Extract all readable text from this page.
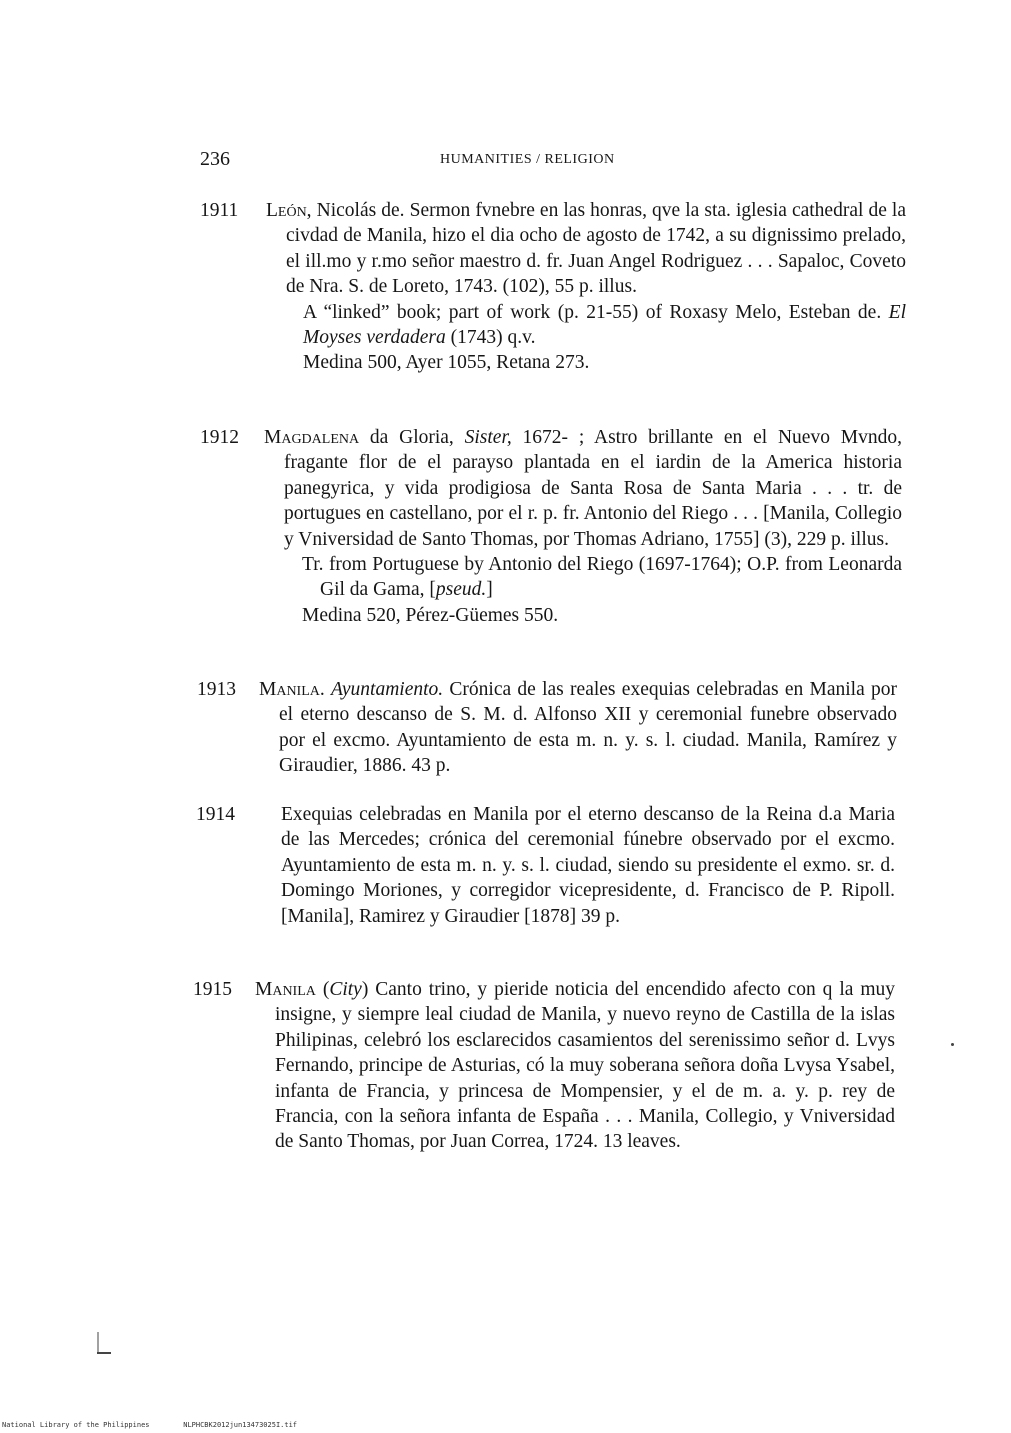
236	HUMANITIES / RELIGION
1911 León, Nicolás de. Sermon fvnebre en las honras, qve la sta. iglesia cathedral de la civdad de Manila, hizo el dia ocho de agosto de 1742, a su dignissimo prelado, el ill.mo y r.mo señor maestro d. fr. Juan Angel Rodriguez . . . Sapaloc, Coveto de Nra. S. de Loreto, 1743. (102), 55 p. illus.
A “linked” book; part of work (p. 21-55) of Roxasy Melo, Esteban de. El Moyses verdadera (1743) q.v.
Medina 500, Ayer 1055, Retana 273.
1912 Magdalena da Gloria, Sister, 1672- ; Astro brillante en el Nuevo Mvndo, fragante flor de el parayso plantada en el iardin de la America historia panegyrica, y vida prodigiosa de Santa Rosa de Santa Maria . . . tr. de portugues en castellano, por el r. p. fr. Antonio del Riego . . . [Manila, Collegio y Vniversidad de Santo Thomas, por Thomas Adriano, 1755] (3), 229 p. illus.
Tr. from Portuguese by Antonio del Riego (1697-1764); O.P. from Leonarda Gil da Gama, [pseud.]
Medina 520, Pérez-Güemes 550.
1913 Manila. Ayuntamiento. Crónica de las reales exequias celebradas en Manila por el eterno descanso de S. M. d. Alfonso XII y ceremonial funebre observado por el excmo. Ayuntamiento de esta m. n. y. s. l. ciudad. Manila, Ramírez y Giraudier, 1886. 43 p.
1914 Exequias celebradas en Manila por el eterno descanso de la Reina d.a Maria de las Mercedes; crónica del ceremonial fúnebre observado por el excmo. Ayuntamiento de esta m. n. y. s. l. ciudad, siendo su presidente el exmo. sr. d. Domingo Moriones, y corregidor vicepresidente, d. Francisco de P. Ripoll. [Manila], Ramirez y Giraudier [1878] 39 p.
1915 Manila (City) Canto trino, y pieride noticia del encendido afecto con q la muy insigne, y siempre leal ciudad de Manila, y nuevo reyno de Castilla de la islas Philipinas, celebró los esclarecidos casamientos del serenissimo señor d. Lvys Fernando, principe de Asturias, có la muy soberana señora doña Lvysa Ysabel, infanta de Francia, y princesa de Mompensier, y el de m. a. y. p. rey de Francia, con la señora infanta de España . . . Manila, Collegio, y Vniversidad de Santo Thomas, por Juan Correa, 1724. 13 leaves.
National Library of the Philippines	NLPHCBK2012jun13473025I.tif
